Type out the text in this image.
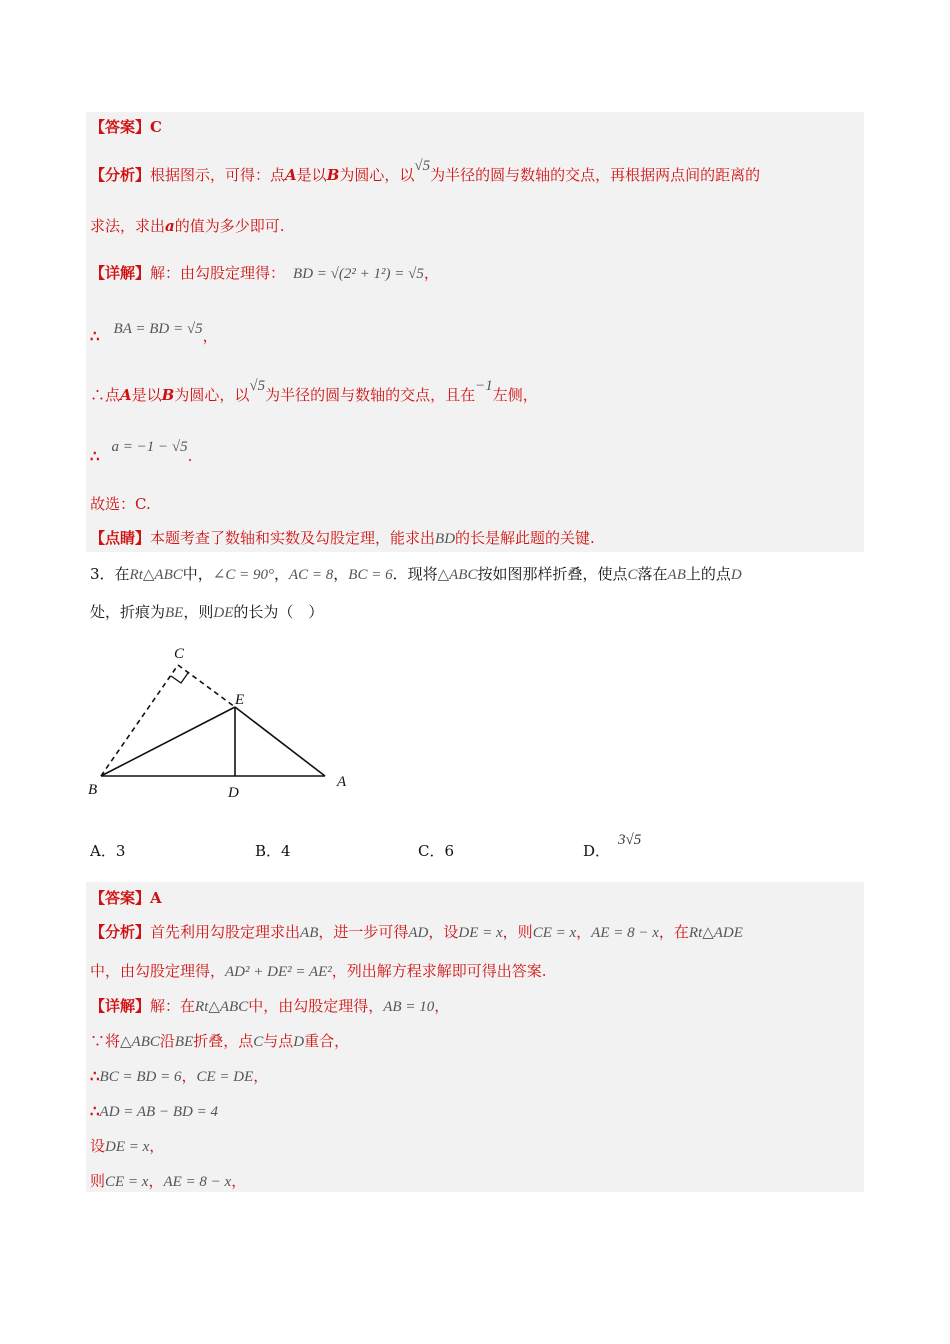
【答案】C
【分析】根据图示，可得：点A是以B为圆心，以√5为半径的圆与数轴的交点，再根据两点间的距离的
求法，求出a的值为多少即可.
【详解】解：由勾股定理得： BD = √(2² + 1²) = √5，
∴ BA = BD = √5，
∴点A是以B为圆心，以√5为半径的圆与数轴的交点，且在−1左侧，
∴ a = −1 − √5.
故选：C.
【点睛】本题考查了数轴和实数及勾股定理，能求出BD的长是解此题的关键.
3．在Rt△ABC中，∠C = 90°，AC = 8，BC = 6．现将△ABC按如图那样折叠，使点C落在AB上的点D
处，折痕为BE，则DE的长为（　）
C
E
B	D
A
A．3	B．4	C．6	D．3√5
【答案】A
【分析】首先利用勾股定理求出AB，进一步可得AD，设DE = x，则CE = x，AE = 8 − x，在Rt△ADE
中，由勾股定理得，AD² + DE² = AE²，列出解方程求解即可得出答案.
【详解】解：在Rt△ABC中，由勾股定理得，AB = 10，
∵将△ABC沿BE折叠，点C与点D重合，
∴BC = BD = 6，CE = DE，
∴AD = AB − BD = 4
设DE = x，
则CE = x，AE = 8 − x，
